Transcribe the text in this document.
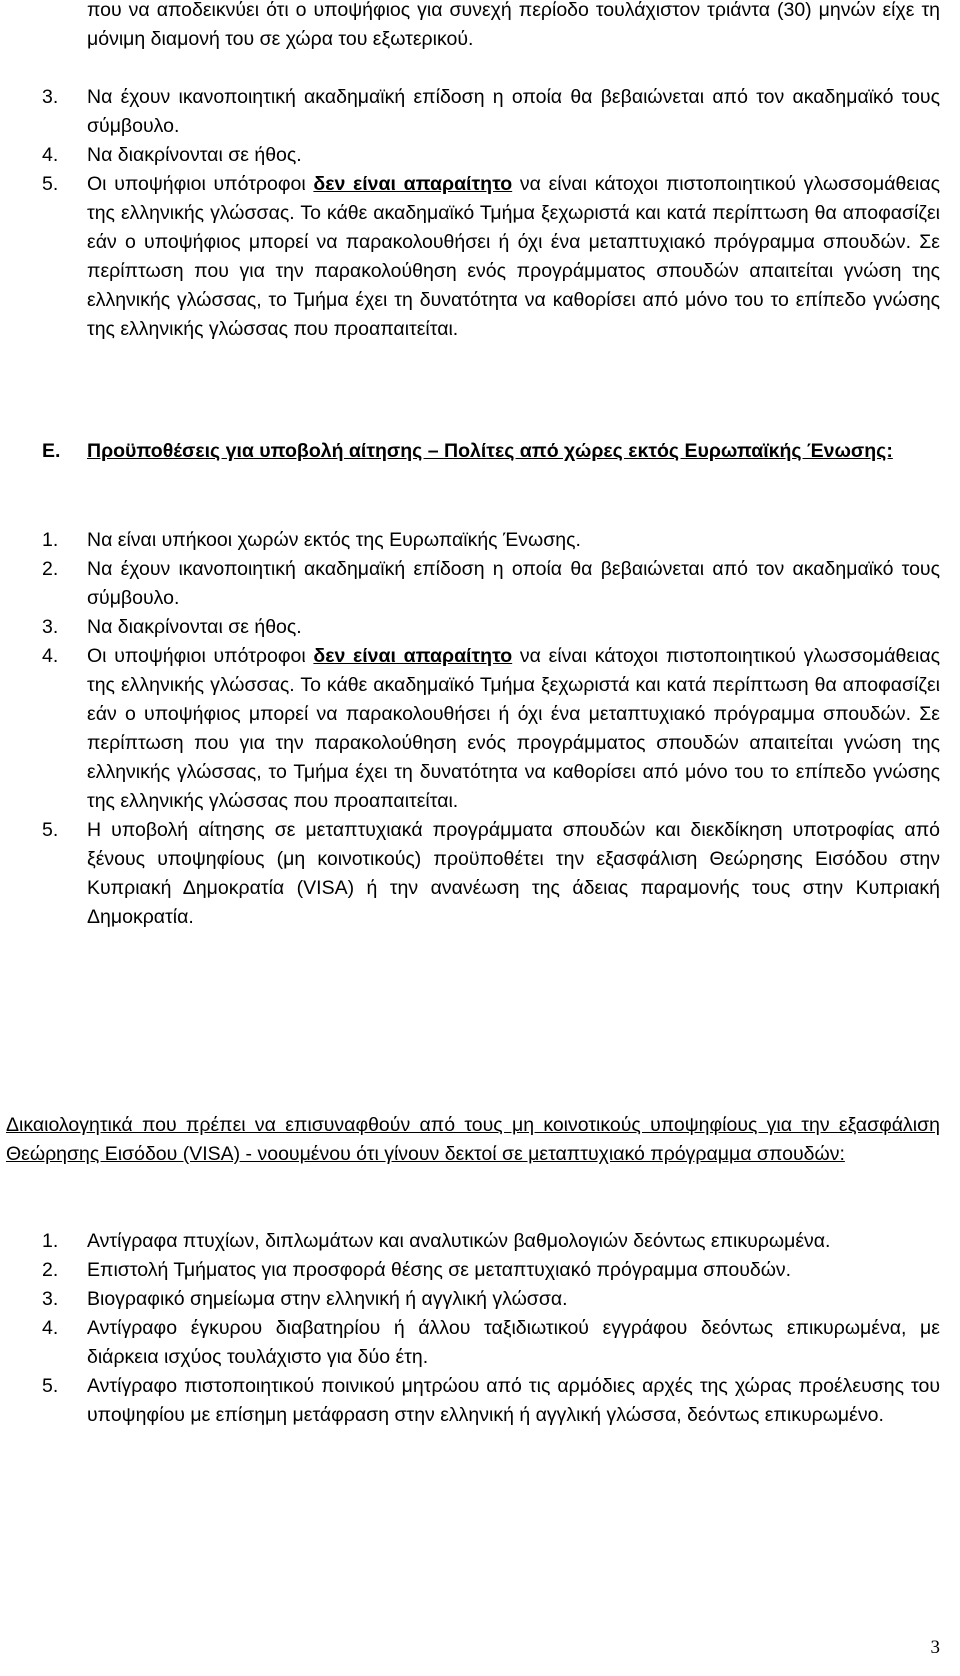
που να αποδεικνύει ότι ο υποψήφιος για συνεχή περίοδο τουλάχιστον τριάντα (30) μηνών είχε τη μόνιμη διαμονή του σε χώρα του εξωτερικού.
3.	Να έχουν ικανοποιητική ακαδημαϊκή επίδοση η οποία θα βεβαιώνεται από τον ακαδημαϊκό τους σύμβουλο.
4.	Να διακρίνονται σε ήθος.
5.	Οι υποψήφιοι υπότροφοι δεν είναι απαραίτητο να είναι κάτοχοι πιστοποιητικού γλωσσομάθειας της ελληνικής γλώσσας. Το κάθε ακαδημαϊκό Τμήμα ξεχωριστά και κατά περίπτωση θα αποφασίζει εάν ο υποψήφιος μπορεί να παρακολουθήσει ή όχι ένα μεταπτυχιακό πρόγραμμα σπουδών. Σε περίπτωση που για την παρακολούθηση ενός προγράμματος σπουδών απαιτείται γνώση της ελληνικής γλώσσας, το Τμήμα έχει τη δυνατότητα να καθορίσει από μόνο του το επίπεδο γνώσης της ελληνικής γλώσσας που προαπαιτείται.
Ε.	Προϋποθέσεις για υποβολή αίτησης – Πολίτες από χώρες εκτός Ευρωπαϊκής Ένωσης:
1.	Να είναι υπήκοοι χωρών εκτός της Ευρωπαϊκής Ένωσης.
2.	Να έχουν ικανοποιητική ακαδημαϊκή επίδοση η οποία θα βεβαιώνεται από τον ακαδημαϊκό τους σύμβουλο.
3.	Να διακρίνονται σε ήθος.
4.	Οι υποψήφιοι υπότροφοι δεν είναι απαραίτητο να είναι κάτοχοι πιστοποιητικού γλωσσομάθειας της ελληνικής γλώσσας. Το κάθε ακαδημαϊκό Τμήμα ξεχωριστά και κατά περίπτωση θα αποφασίζει εάν ο υποψήφιος μπορεί να παρακολουθήσει ή όχι ένα μεταπτυχιακό πρόγραμμα σπουδών. Σε περίπτωση που για την παρακολούθηση ενός προγράμματος σπουδών απαιτείται γνώση της ελληνικής γλώσσας, το Τμήμα έχει τη δυνατότητα να καθορίσει από μόνο του το επίπεδο γνώσης της ελληνικής γλώσσας που προαπαιτείται.
5.	Η υποβολή αίτησης σε μεταπτυχιακά προγράμματα σπουδών και διεκδίκηση υποτροφίας από ξένους υποψηφίους (μη κοινοτικούς) προϋποθέτει την εξασφάλιση Θεώρησης Εισόδου στην Κυπριακή Δημοκρατία (VISA) ή την ανανέωση της άδειας παραμονής τους στην Κυπριακή Δημοκρατία.
Δικαιολογητικά που πρέπει να επισυναφθούν από τους μη κοινοτικούς υποψηφίους για την εξασφάλιση Θεώρησης Εισόδου (VISA) - νοουμένου ότι γίνουν δεκτοί σε μεταπτυχιακό πρόγραμμα σπουδών:
1.	Αντίγραφα πτυχίων, διπλωμάτων και αναλυτικών βαθμολογιών δεόντως επικυρωμένα.
2.	Επιστολή Τμήματος για προσφορά θέσης σε μεταπτυχιακό πρόγραμμα σπουδών.
3.	Βιογραφικό σημείωμα στην ελληνική ή αγγλική γλώσσα.
4.	Αντίγραφο έγκυρου διαβατηρίου ή άλλου ταξιδιωτικού εγγράφου δεόντως επικυρωμένα, με διάρκεια ισχύος τουλάχιστο για δύο έτη.
5.	Αντίγραφο πιστοποιητικού ποινικού μητρώου από τις αρμόδιες αρχές της χώρας προέλευσης του υποψηφίου με επίσημη μετάφραση στην ελληνική ή αγγλική γλώσσα, δεόντως επικυρωμένο.
3
